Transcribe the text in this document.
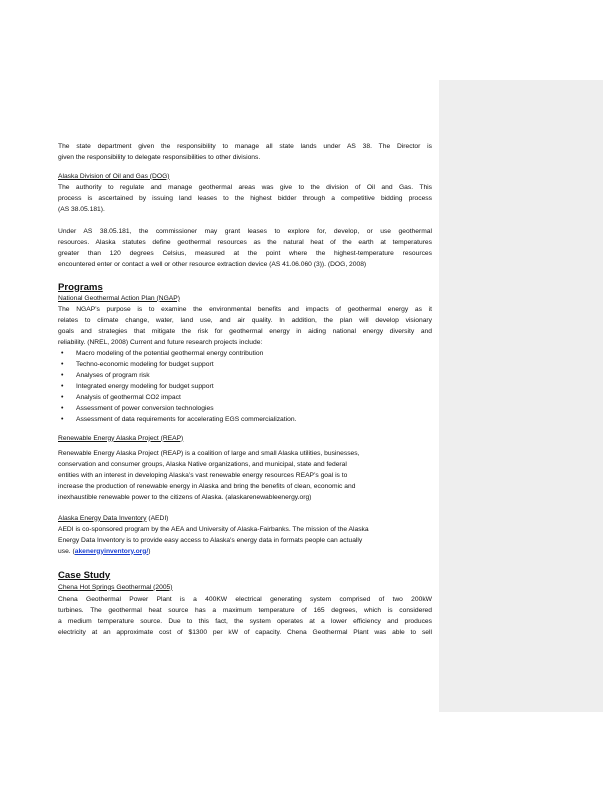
The state department given the responsibility to manage all state lands under AS 38. The Director is
given the responsibility to delegate responsibilities to other divisions.
Alaska Division of Oil and Gas (DOG)
The authority to regulate and manage geothermal areas was give to the division of Oil and Gas. This
process is ascertained by issuing land leases to the highest bidder through a competitive bidding process
(AS 38.05.181).
Under AS 38.05.181, the commissioner may grant leases to explore for, develop, or use geothermal
resources. Alaska statutes define geothermal resources as the natural heat of the earth at temperatures
greater than 120 degrees Celsius, measured at the point where the highest-temperature resources
encountered enter or contact a well or other resource extraction device (AS 41.06.060 (3)). (DOG, 2008)
Programs
National Geothermal Action Plan (NGAP)
The NGAP’s purpose is to examine the environmental benefits and impacts of geothermal energy as it
relates to climate change, water, land use, and air quality. In addition, the plan will develop visionary
goals and strategies that mitigate the risk for geothermal energy in aiding national energy diversity and
reliability. (NREL, 2008) Current and future research projects include:
• Macro modeling of the potential geothermal energy contribution
• Techno-economic modeling for budget support
• Analyses of program risk
• Integrated energy modeling for budget support
• Analysis of geothermal CO2 impact
• Assessment of power conversion technologies
• Assessment of data requirements for accelerating EGS commercialization.
Renewable Energy Alaska Project (REAP)
Renewable Energy Alaska Project (REAP) is a coalition of large and small Alaska utilities, businesses,
conservation and consumer groups, Alaska Native organizations, and municipal, state and federal
entities with an interest in developing Alaska’s vast renewable energy resources REAP’s goal is to
increase the production of renewable energy in Alaska and bring the benefits of clean, economic and
inexhaustible renewable power to the citizens of Alaska. (alaskarenewableenergy.org)
Alaska Energy Data Inventory (AEDI)
AEDI is co-sponsored program by the AEA and University of Alaska-Fairbanks. The mission of the Alaska
Energy Data Inventory is to provide easy access to Alaska's energy data in formats people can actually
use. (akenergyinventory.org/)
Case Study
Chena Hot Springs Geothermal (2005)
Chena Geothermal Power Plant is a 400KW electrical generating system comprised of two 200kW
turbines. The geothermal heat source has a maximum temperature of 165 degrees, which is considered
a medium temperature source. Due to this fact, the system operates at a lower efficiency and produces
electricity at an approximate cost of $1300 per kW of capacity. Chena Geothermal Plant was able to sell
